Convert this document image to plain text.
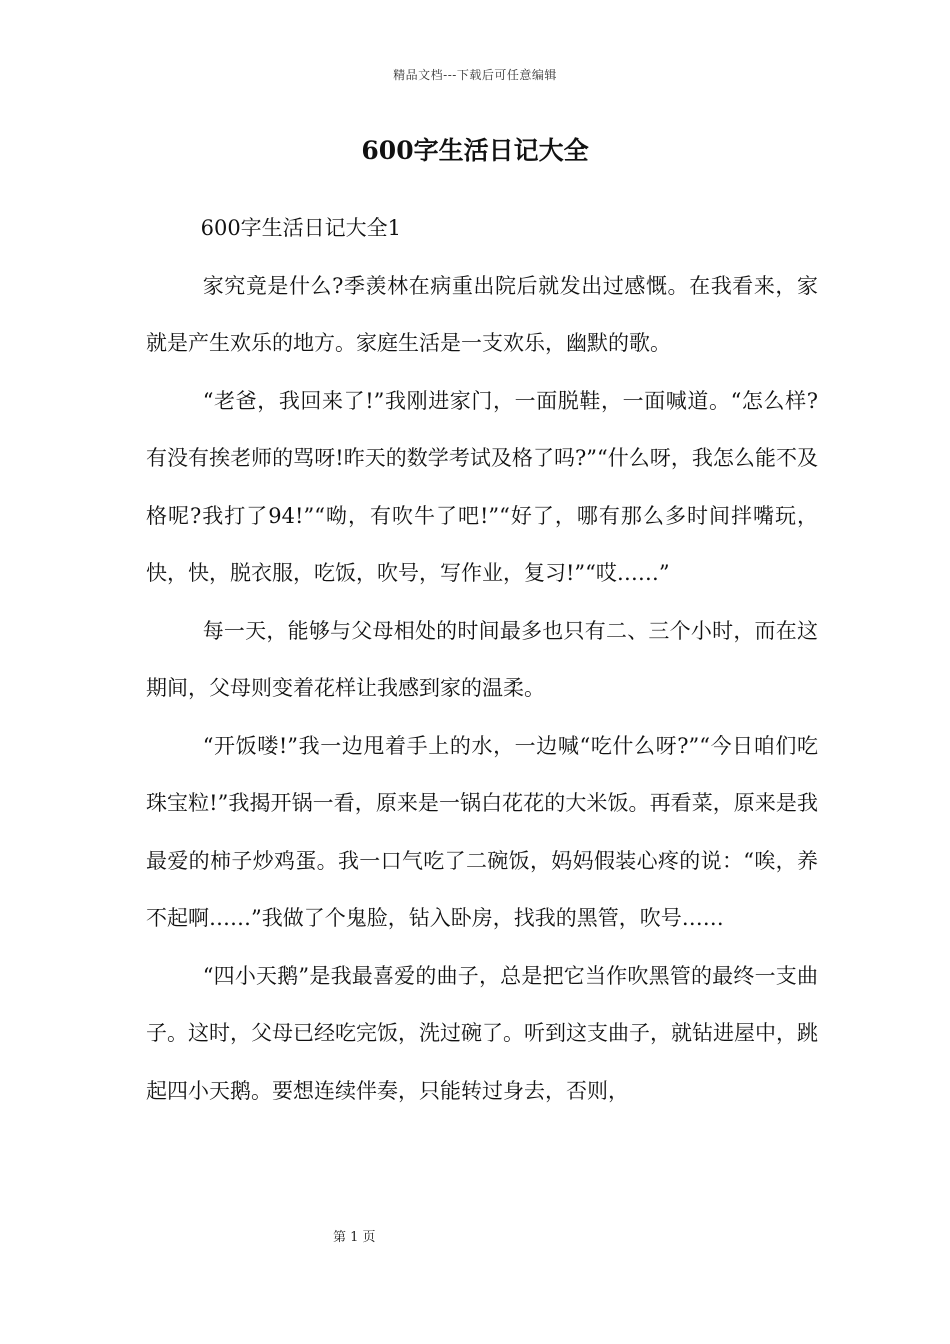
精品文档---下载后可任意编辑
600字生活日记大全

600字生活日记大全1

家究竟是什么?季羡林在病重出院后就发出过感慨。在我看来，家就是产生欢乐的地方。家庭生活是一支欢乐，幽默的歌。

“老爸，我回来了!”我刚进家门，一面脱鞋，一面喊道。“怎么样?有没有挨老师的骂呀!昨天的数学考试及格了吗?”“什么呀，我怎么能不及格呢?我打了94!”“呦，有吹牛了吧!”“好了，哪有那么多时间拌嘴玩，快，快，脱衣服，吃饭，吹号，写作业，复习!”“哎……”

每一天，能够与父母相处的时间最多也只有二、三个小时，而在这期间，父母则变着花样让我感到家的温柔。

“开饭喽!”我一边甩着手上的水，一边喊“吃什么呀?”“今日咱们吃珠宝粒!”我揭开锅一看，原来是一锅白花花的大米饭。再看菜，原来是我最爱的柿子炒鸡蛋。我一口气吃了二碗饭，妈妈假装心疼的说：“唉，养不起啊……”我做了个鬼脸，钻入卧房，找我的黑管，吹号……

“四小天鹅”是我最喜爱的曲子，总是把它当作吹黑管的最终一支曲子。这时，父母已经吃完饭，洗过碗了。听到这支曲子，就钻进屋中，跳起四小天鹅。要想连续伴奏，只能转过身去，否则，

第 1 页
